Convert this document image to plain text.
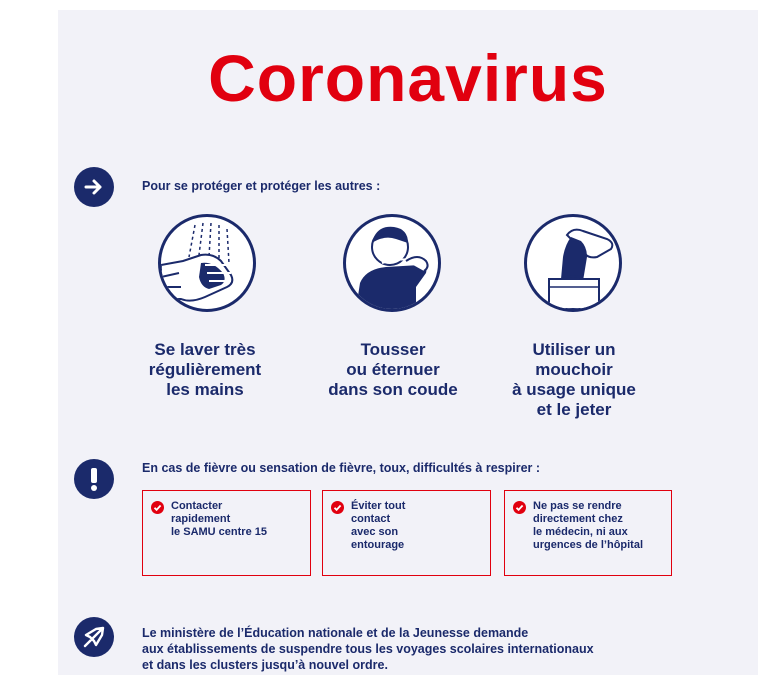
Coronavirus
Pour se protéger et protéger les autres :
Se laver très
régulièrement
les mains
Tousser
ou éternuer
dans son coude
Utiliser un
mouchoir
à usage unique
et le jeter
En cas de fièvre ou sensation de fièvre, toux, difficultés à respirer :
Contacter
rapidement
le SAMU centre 15
Éviter tout
contact
avec son
entourage
Ne pas se rendre
directement chez
le médecin, ni aux
urgences de l’hôpital
Le ministère de l’Éducation nationale et de la Jeunesse demande
aux établissements de suspendre tous les voyages scolaires internationaux
et dans les clusters jusqu’à nouvel ordre.
